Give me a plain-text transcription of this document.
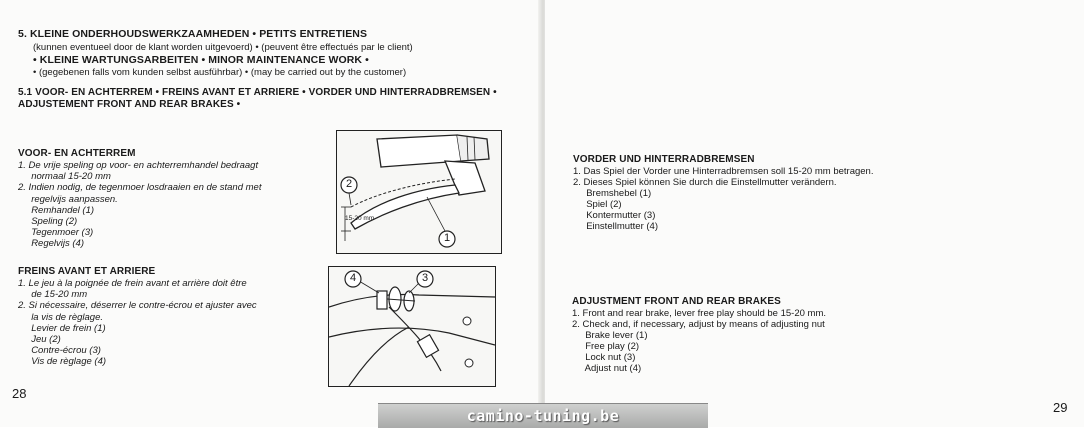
5. KLEINE ONDERHOUDSWERKZAAMHEDEN • PETITS ENTRETIENS
(kunnen eventueel door de klant worden uitgevoerd) • (peuvent être effectués par le client)
• KLEINE WARTUNGSARBEITEN • MINOR MAINTENANCE WORK •
• (gegebenen falls vom kunden selbst ausführbar) • (may be carried out by the customer)
5.1 VOOR- EN ACHTERREM • FREINS AVANT ET ARRIERE • VORDER UND HINTERRADBREMSEN •
ADJUSTEMENT FRONT AND REAR BRAKES •
VOOR- EN ACHTERREM
1. De vrije speling op voor- en achterremhandel bedraagt
normaal 15-20 mm
2. Indien nodig, de tegenmoer losdraaien en de stand met
regelvijs aanpassen.
Remhandel (1)
Speling (2)
Tegenmoer (3)
Regelvijs (4)
FREINS AVANT ET ARRIERE
1. Le jeu à la poignée de frein avant et arrière doit être
de 15-20 mm
2. Si nécessaire, déserrer le contre-écrou et ajuster avec
la vis de règlage.
Levier de frein (1)
Jeu (2)
Contre-écrou (3)
Vis de règlage (4)
2
1
15-20 mm
4	3
28
VORDER UND HINTERRADBREMSEN
1. Das Spiel der Vorder une Hinterradbremsen soll 15-20 mm betragen.
2. Dieses Spiel können Sie durch die Einstellmutter verändern.
Bremshebel (1)
Spiel (2)
Kontermutter (3)
Einstellmutter (4)
ADJUSTMENT FRONT AND REAR BRAKES
1. Front and rear brake, lever free play should be 15-20 mm.
2. Check and, if necessary, adjust by means of adjusting nut
Brake lever (1)
Free play (2)
Lock nut (3)
Adjust nut (4)
29
camino-tuning.be
